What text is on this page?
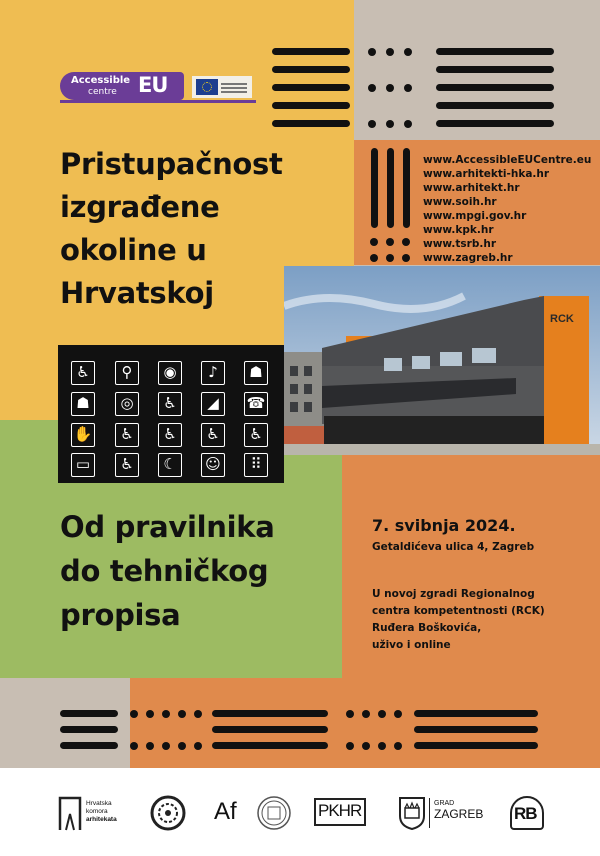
Accessible
centre EU
Pristupačnost
izgrađene
okoline u
Hrvatskoj
www.AccessibleEUCentre.eu
www.arhitekti-hka.hr
www.arhitekt.hr
www.soih.hr
www.mpgi.gov.hr
www.kpk.hr
www.tsrb.hr
www.zagreb.hr
RCK
♿	⚲	◉	♪	☗
☗	◎	♿	◢	☎
✋	♿	♿	♿	♿
▭	♿	☾	☺	⠿
Od pravilnika
do tehničkog
propisa
7. svibnja 2024.
Getaldićeva ulica 4, Zagreb
U novoj zgradi Regionalnog
centra kompetentnosti (RCK)
Ruđera Boškovića,
uživo i online
Hrvatska
komora
arhitekata	Af	PKHR	GRAD
ZAGREB RB
